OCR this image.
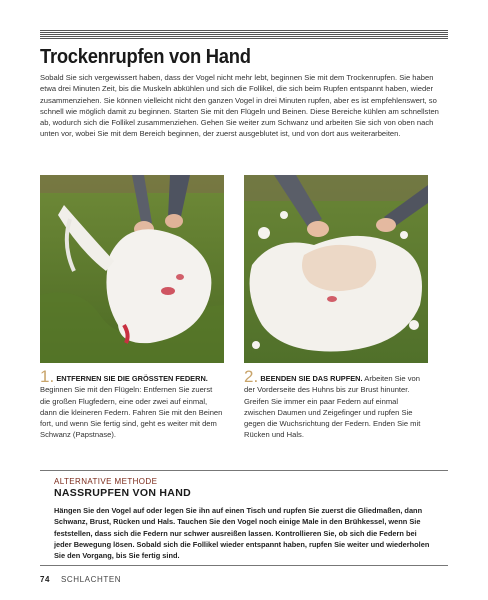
Trockenrupfen von Hand

Sobald Sie sich vergewissert haben, dass der Vogel nicht mehr lebt, beginnen Sie mit dem Trockenrupfen. Sie haben etwa drei Minuten Zeit, bis die Muskeln abkühlen und sich die Follikel, die sich beim Rupfen entspannt haben, wieder zusammenziehen. Sie können vielleicht nicht den ganzen Vogel in drei Minuten rupfen, aber es ist empfehlenswert, so schnell wie möglich damit zu beginnen. Starten Sie mit den Flügeln und Beinen. Diese Bereiche kühlen am schnellsten ab, wodurch sich die Follikel zusammenziehen. Gehen Sie weiter zum Schwanz und arbeiten Sie sich von oben nach unten vor, wobei Sie mit dem Bereich beginnen, der zuerst ausgeblutet ist, und von dort aus weiterarbeiten.

1. ENTFERNEN SIE DIE GRÖSSTEN FEDERN. Beginnen Sie mit den Flügeln: Entfernen Sie zuerst die großen Flugfedern, eine oder zwei auf einmal, dann die kleineren Federn. Fahren Sie mit den Beinen fort, und wenn Sie fertig sind, geht es weiter mit dem Schwanz (Papstnase).
2. BEENDEN SIE DAS RUPFEN. Arbeiten Sie von der Vorderseite des Huhns bis zur Brust hinunter. Greifen Sie immer ein paar Federn auf einmal zwischen Daumen und Zeigefinger und rupfen Sie gegen die Wuchsrichtung der Federn. Enden Sie mit Rücken und Hals.
ALTERNATIVE METHODE
NASSRUPFEN VON HAND

Hängen Sie den Vogel auf oder legen Sie ihn auf einen Tisch und rupfen Sie zuerst die Gliedmaßen, dann Schwanz, Brust, Rücken und Hals. Tauchen Sie den Vogel noch einige Male in den Brühkessel, wenn Sie feststellen, dass sich die Federn nur schwer ausreißen lassen. Kontrollieren Sie, ob sich die Federn bei jeder Bewegung lösen. Sobald sich die Follikel wieder entspannt haben, rupfen Sie weiter und wiederholen Sie den Vorgang, bis Sie fertig sind.

74 SCHLACHTEN
